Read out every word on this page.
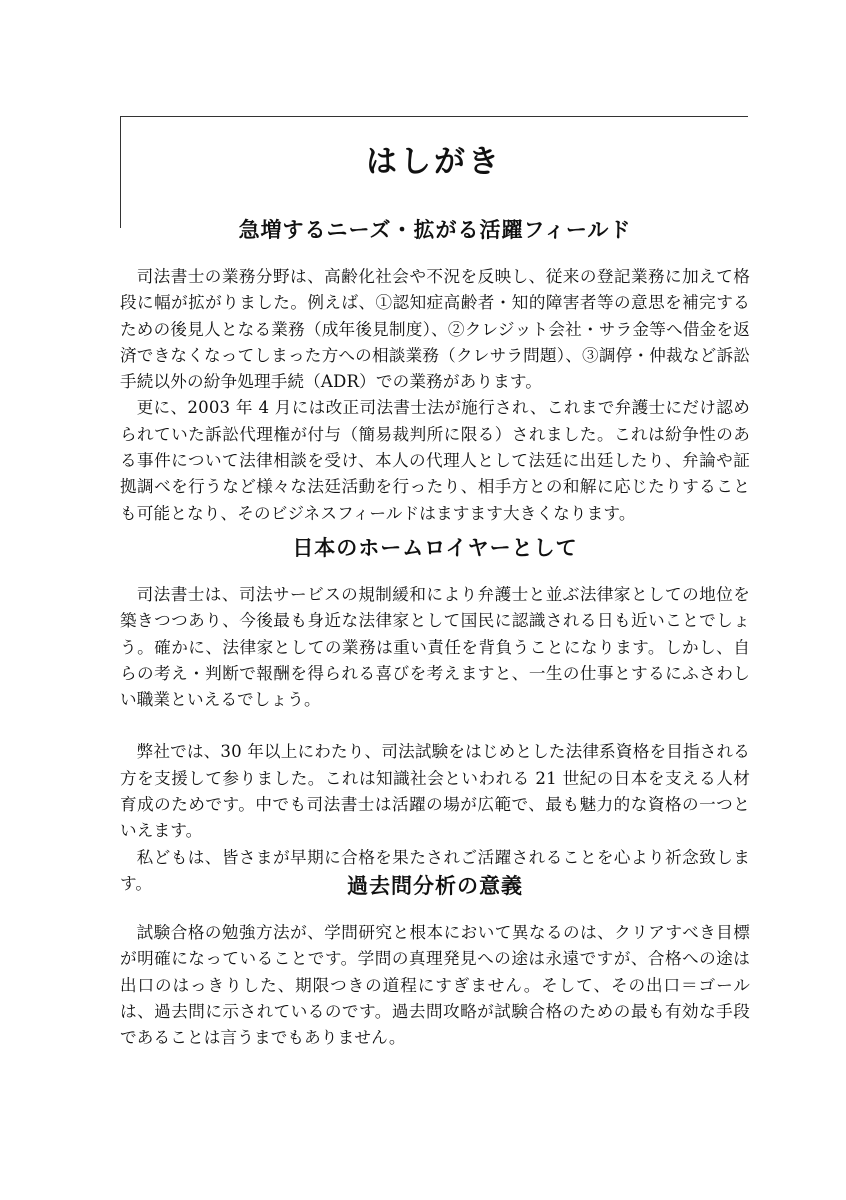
はしがき
急増するニーズ・拡がる活躍フィールド

司法書士の業務分野は、高齢化社会や不況を反映し、従来の登記業務に加えて格段に幅が拡がりました。例えば、①認知症高齢者・知的障害者等の意思を補完するための後見人となる業務（成年後見制度）、②クレジット会社・サラ金等へ借金を返済できなくなってしまった方への相談業務（クレサラ問題）、③調停・仲裁など訴訟手続以外の紛争処理手続（ADR）での業務があります。

更に、2003 年 4 月には改正司法書士法が施行され、これまで弁護士にだけ認められていた訴訟代理権が付与（簡易裁判所に限る）されました。これは紛争性のある事件について法律相談を受け、本人の代理人として法廷に出廷したり、弁論や証拠調べを行うなど様々な法廷活動を行ったり、相手方との和解に応じたりすることも可能となり、そのビジネスフィールドはますます大きくなります。

日本のホームロイヤーとして

司法書士は、司法サービスの規制緩和により弁護士と並ぶ法律家としての地位を築きつつあり、今後最も身近な法律家として国民に認識される日も近いことでしょう。確かに、法律家としての業務は重い責任を背負うことになります。しかし、自らの考え・判断で報酬を得られる喜びを考えますと、一生の仕事とするにふさわしい職業といえるでしょう。

弊社では、30 年以上にわたり、司法試験をはじめとした法律系資格を目指される方を支援して参りました。これは知識社会といわれる 21 世紀の日本を支える人材育成のためです。中でも司法書士は活躍の場が広範で、最も魅力的な資格の一つといえます。

私どもは、皆さまが早期に合格を果たされご活躍されることを心より祈念致します。	過去問分析の意義

試験合格の勉強方法が、学問研究と根本において異なるのは、クリアすべき目標が明確になっていることです。学問の真理発見への途は永遠ですが、合格への途は出口のはっきりした、期限つきの道程にすぎません。そして、その出口＝ゴールは、過去問に示されているのです。過去問攻略が試験合格のための最も有効な手段であることは言うまでもありません。
